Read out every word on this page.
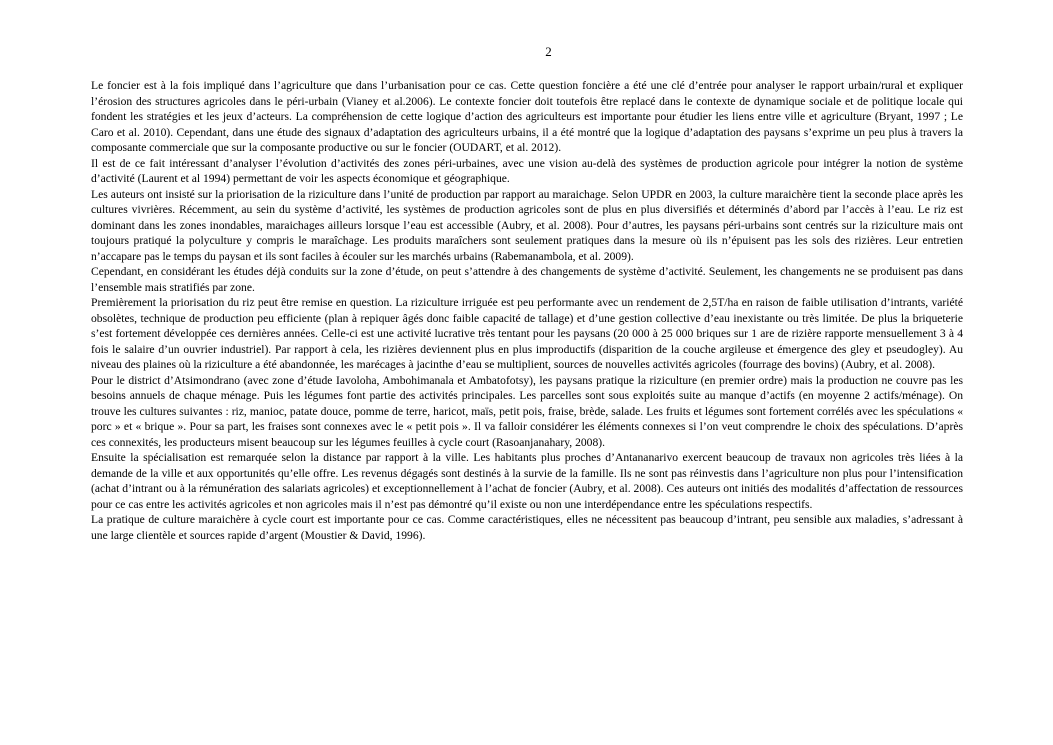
2

Le foncier est à la fois impliqué dans l’agriculture que dans l’urbanisation pour ce cas. Cette question foncière a été une clé d’entrée pour analyser le rapport urbain/rural et expliquer l’érosion des structures agricoles dans le péri-urbain (Vianey et al.2006). Le contexte foncier doit toutefois être replacé dans le contexte de dynamique sociale et de politique locale qui fondent les stratégies et les jeux d’acteurs. La compréhension de cette logique d’action des agriculteurs est importante pour étudier les liens entre ville et agriculture (Bryant, 1997 ; Le Caro et al. 2010). Cependant, dans une étude des signaux d’adaptation des agriculteurs urbains, il a été montré que la logique d’adaptation des paysans s’exprime un peu plus à travers la composante commerciale que sur la composante productive ou sur le foncier (OUDART, et al. 2012).

Il est de ce fait intéressant d’analyser l’évolution d’activités des zones péri-urbaines, avec une vision au-delà des systèmes de production agricole pour intégrer la notion de système d’activité (Laurent et al 1994) permettant de voir les aspects économique et géographique.

Les auteurs ont insisté sur la priorisation de la riziculture dans l’unité de production par rapport au maraichage. Selon UPDR en 2003, la culture maraichère tient la seconde place après les cultures vivrières. Récemment, au sein du système d’activité, les systèmes de production agricoles sont de plus en plus diversifiés et déterminés d’abord par l’accès à l’eau. Le riz est dominant dans les zones inondables, maraichages ailleurs lorsque l’eau est accessible (Aubry, et al. 2008). Pour d’autres, les paysans péri-urbains sont centrés sur la riziculture mais ont toujours pratiqué la polyculture y compris le maraîchage. Les produits maraîchers sont seulement pratiques dans la mesure où ils n’épuisent pas les sols des rizières. Leur entretien n’accapare pas le temps du paysan et ils sont faciles à écouler sur les marchés urbains (Rabemanambola, et al. 2009).

Cependant, en considérant les études déjà conduits sur la zone d’étude, on peut s’attendre à des changements de système d’activité. Seulement, les changements ne se produisent pas dans l’ensemble mais stratifiés par zone.

Premièrement la priorisation du riz peut être remise en question. La riziculture irriguée est peu performante avec un rendement de 2,5T/ha en raison de faible utilisation d’intrants, variété obsolètes, technique de production peu efficiente (plan à repiquer âgés donc faible capacité de tallage) et d’une gestion collective d’eau inexistante ou très limitée. De plus la briqueterie s’est fortement développée ces dernières années. Celle-ci est une activité lucrative très tentant pour les paysans (20 000 à 25 000 briques sur 1 are de rizière rapporte mensuellement 3 à 4 fois le salaire d’un ouvrier industriel). Par rapport à cela, les rizières deviennent plus en plus improductifs (disparition de la couche argileuse et émergence des gley et pseudogley). Au niveau des plaines où la riziculture a été abandonnée, les marécages à jacinthe d’eau se multiplient, sources de nouvelles activités agricoles (fourrage des bovins) (Aubry, et al. 2008).

Pour le district d’Atsimondrano (avec zone d’étude Iavoloha, Ambohimanala et Ambatofotsy), les paysans pratique la riziculture (en premier ordre) mais la production ne couvre pas les besoins annuels de chaque ménage. Puis les légumes font partie des activités principales. Les parcelles sont sous exploités suite au manque d’actifs (en moyenne 2 actifs/ménage). On trouve les cultures suivantes : riz, manioc, patate douce, pomme de terre, haricot, maïs, petit pois, fraise, brède, salade. Les fruits et légumes sont fortement corrélés avec les spéculations « porc » et « brique ». Pour sa part, les fraises sont connexes avec le « petit pois ». Il va falloir considérer les éléments connexes si l’on veut comprendre le choix des spéculations. D’après ces connexités, les producteurs misent beaucoup sur les légumes feuilles à cycle court (Rasoanjanahary, 2008).

Ensuite la spécialisation est remarquée selon la distance par rapport à la ville. Les habitants plus proches d’Antananarivo exercent beaucoup de travaux non agricoles très liées à la demande de la ville et aux opportunités qu’elle offre. Les revenus dégagés sont destinés à la survie de la famille. Ils ne sont pas réinvestis dans l’agriculture non plus pour l’intensification (achat d’intrant ou à la rémunération des salariats agricoles) et exceptionnellement à l’achat de foncier (Aubry, et al. 2008). Ces auteurs ont initiés des modalités d’affectation de ressources pour ce cas entre les activités agricoles et non agricoles mais il n’est pas démontré qu’il existe ou non une interdépendance entre les spéculations respectifs.

La pratique de culture maraichère à cycle court est importante pour ce cas. Comme caractéristiques, elles ne nécessitent pas beaucoup d’intrant, peu sensible aux maladies, s’adressant à une large clientèle et sources rapide d’argent (Moustier & David, 1996).
